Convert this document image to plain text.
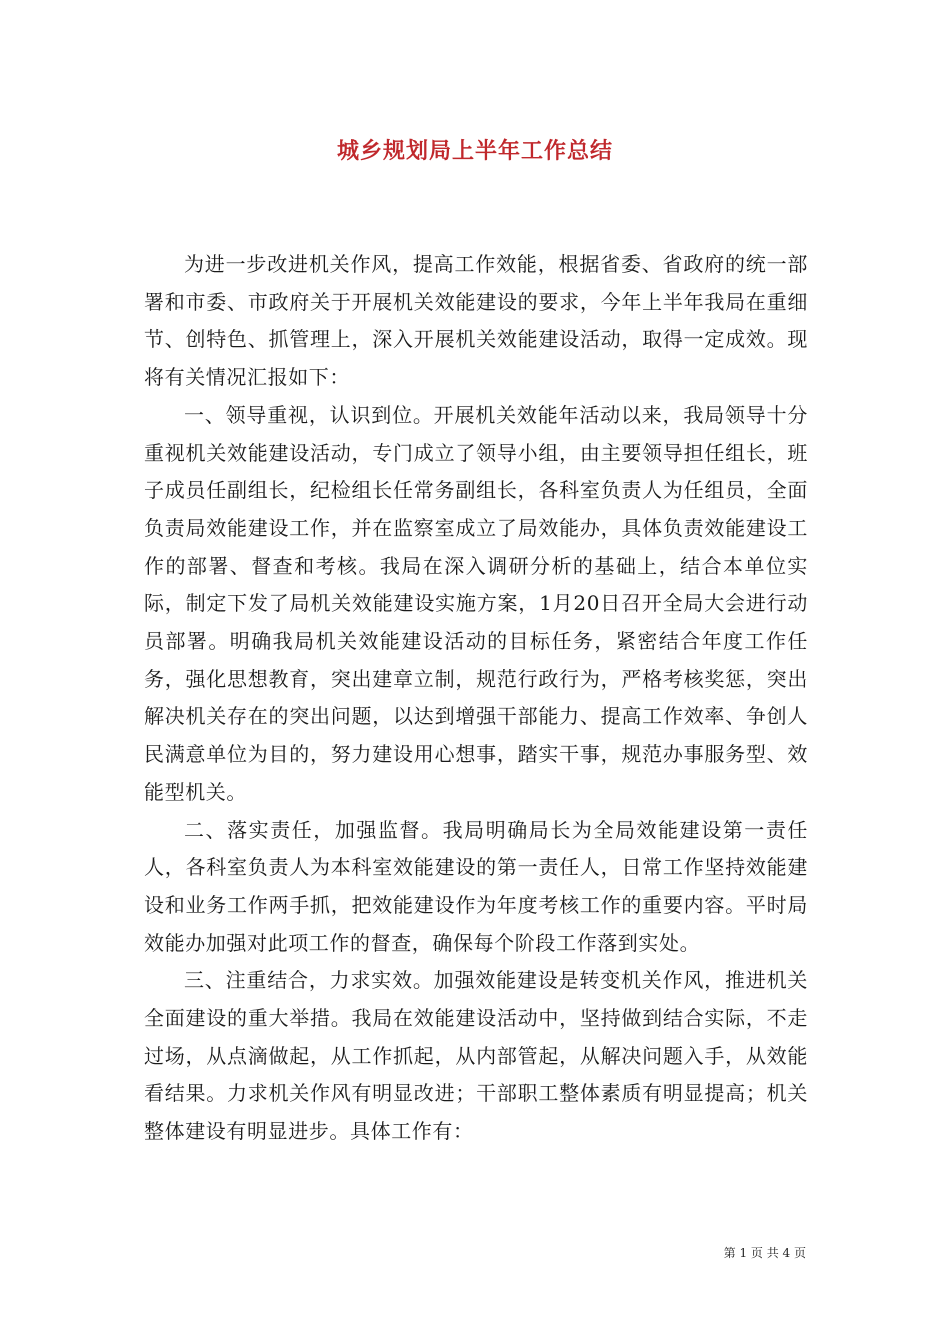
城乡规划局上半年工作总结

为进一步改进机关作风，提高工作效能，根据省委、省政府的统一部署和市委、市政府关于开展机关效能建设的要求，今年上半年我局在重细节、创特色、抓管理上，深入开展机关效能建设活动，取得一定成效。现将有关情况汇报如下：

一、领导重视，认识到位。开展机关效能年活动以来，我局领导十分重视机关效能建设活动，专门成立了领导小组，由主要领导担任组长，班子成员任副组长，纪检组长任常务副组长，各科室负责人为任组员，全面负责局效能建设工作，并在监察室成立了局效能办，具体负责效能建设工作的部署、督查和考核。我局在深入调研分析的基础上，结合本单位实际，制定下发了局机关效能建设实施方案，1月20日召开全局大会进行动员部署。明确我局机关效能建设活动的目标任务，紧密结合年度工作任务，强化思想教育，突出建章立制，规范行政行为，严格考核奖惩，突出解决机关存在的突出问题，以达到增强干部能力、提高工作效率、争创人民满意单位为目的，努力建设用心想事，踏实干事，规范办事服务型、效能型机关。

二、落实责任，加强监督。我局明确局长为全局效能建设第一责任人，各科室负责人为本科室效能建设的第一责任人，日常工作坚持效能建设和业务工作两手抓，把效能建设作为年度考核工作的重要内容。平时局效能办加强对此项工作的督查，确保每个阶段工作落到实处。

三、注重结合，力求实效。加强效能建设是转变机关作风，推进机关全面建设的重大举措。我局在效能建设活动中，坚持做到结合实际，不走过场，从点滴做起，从工作抓起，从内部管起，从解决问题入手，从效能看结果。力求机关作风有明显改进；干部职工整体素质有明显提高；机关整体建设有明显进步。具体工作有：

第 1 页 共 4 页
